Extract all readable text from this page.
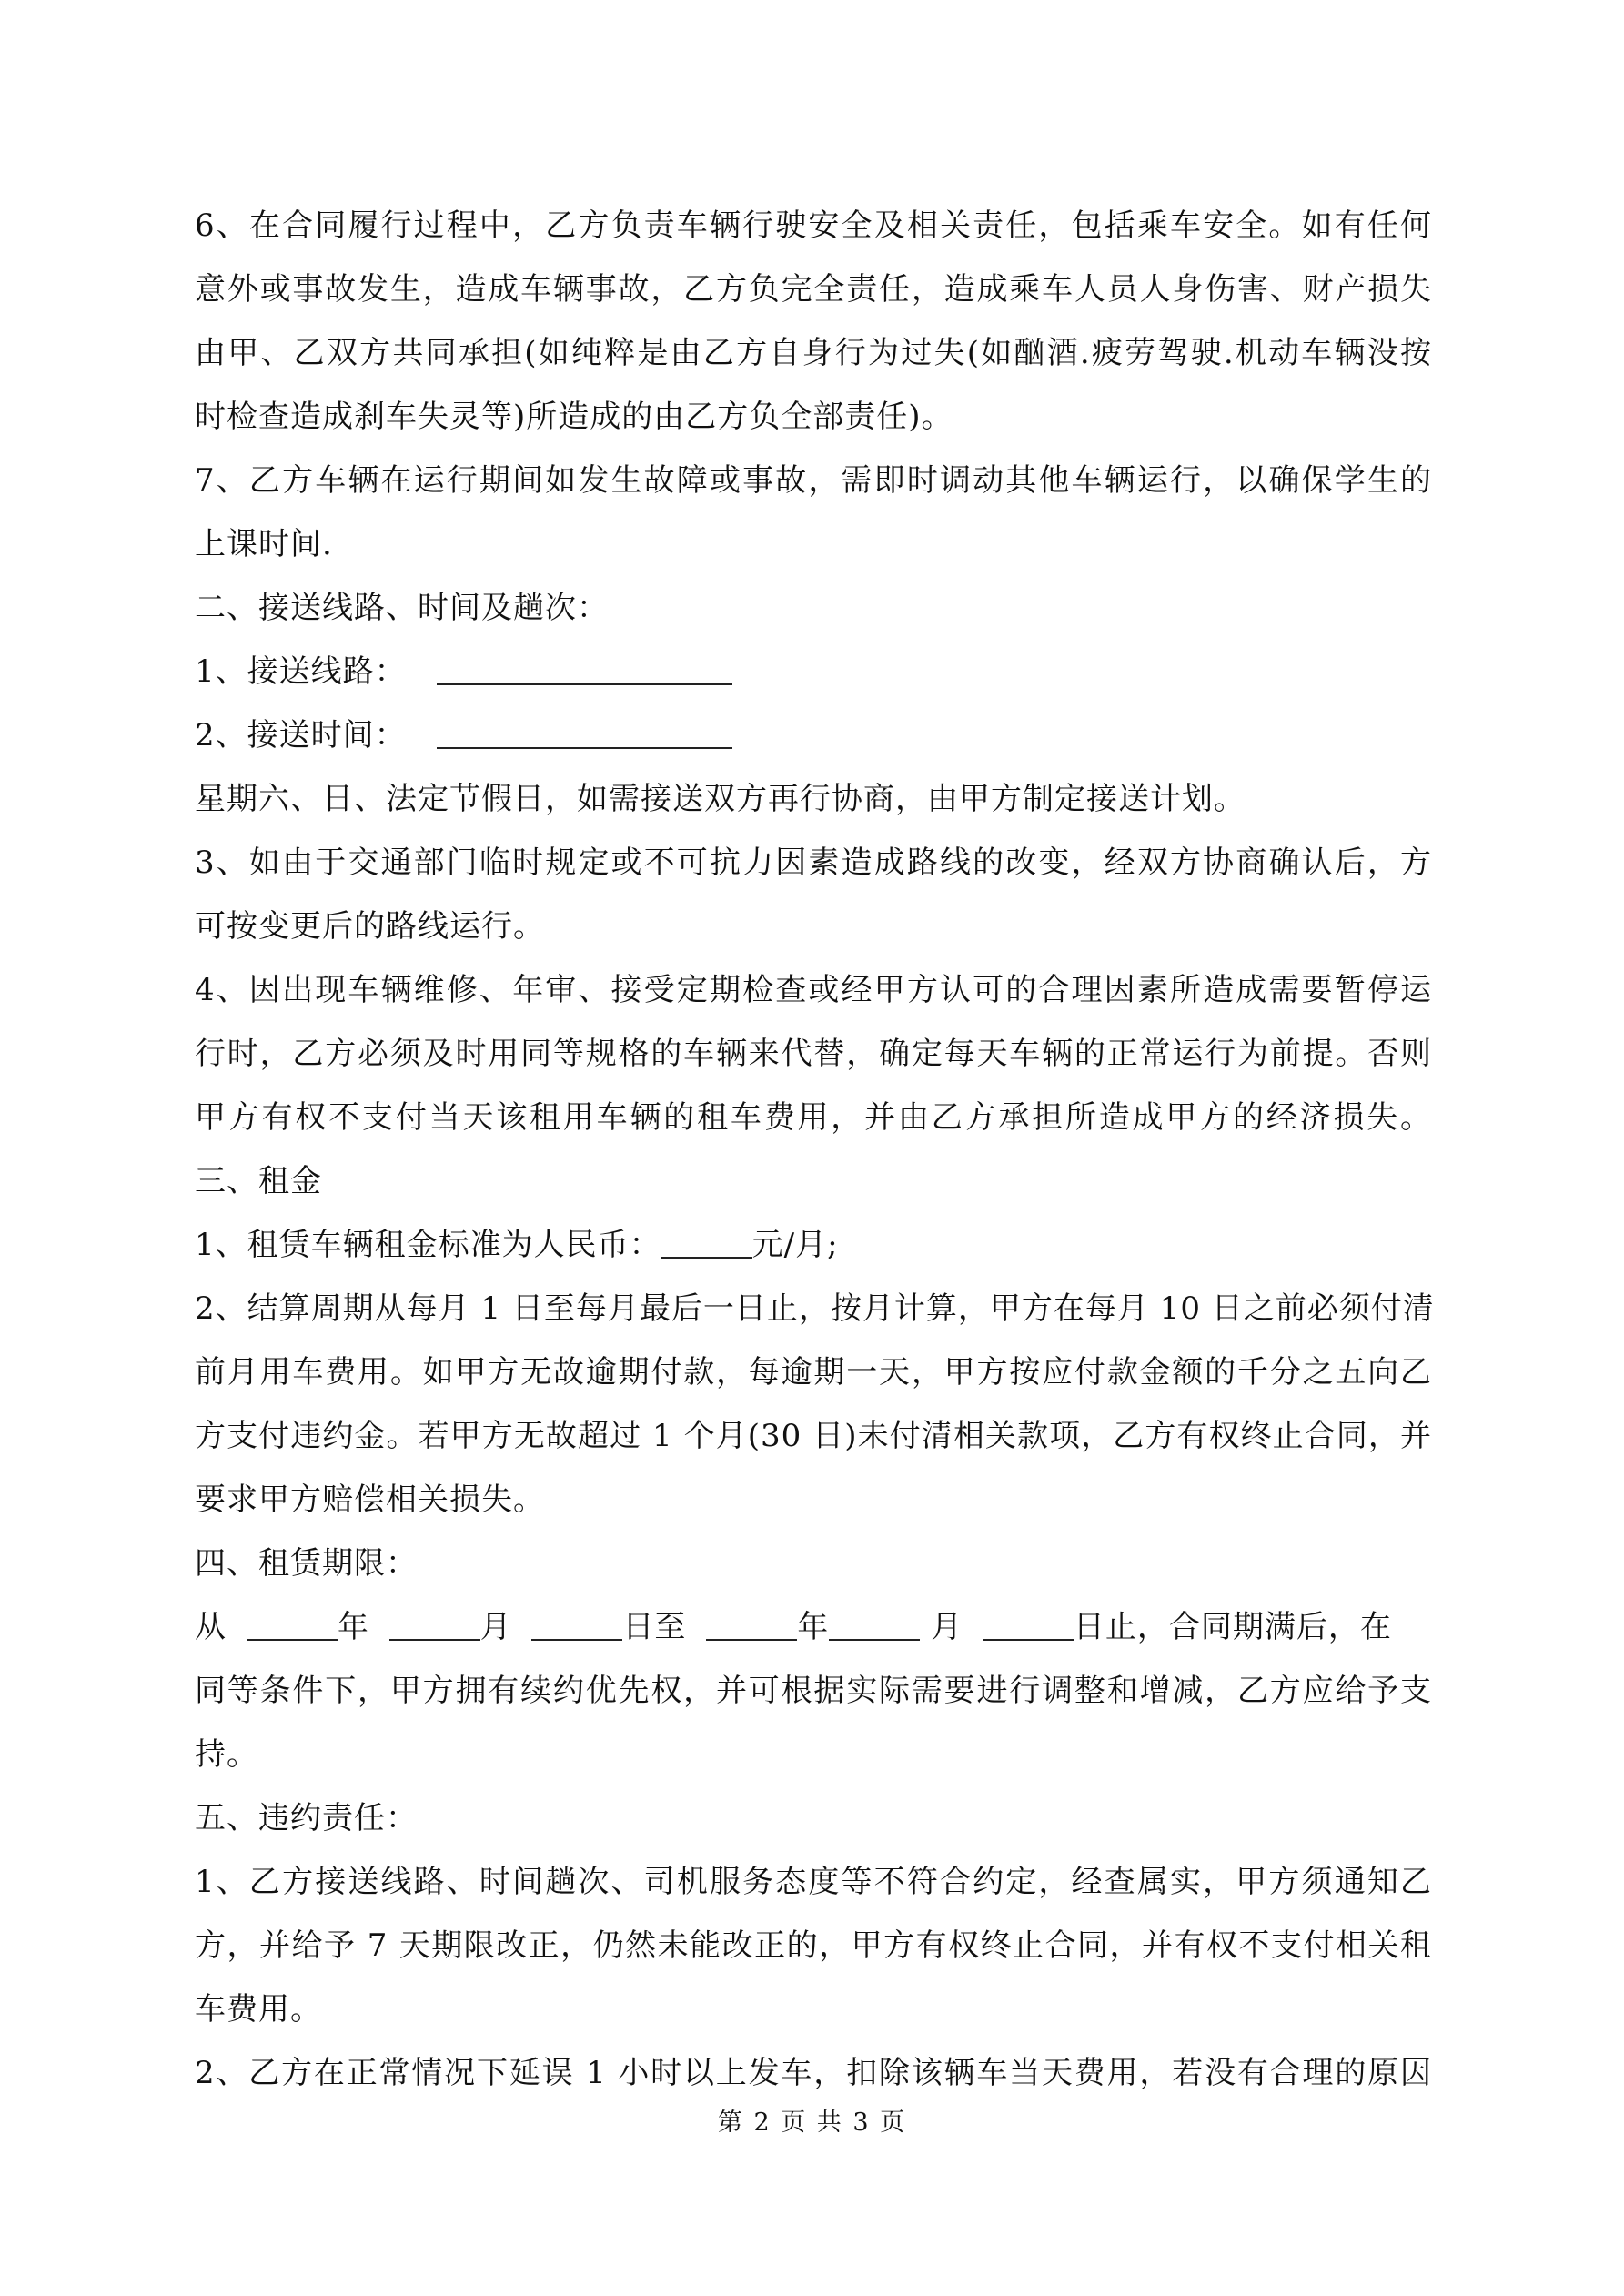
6、在合同履行过程中，乙方负责车辆行驶安全及相关责任，包括乘车安全。如有任何
意外或事故发生，造成车辆事故，乙方负完全责任，造成乘车人员人身伤害、财产损失
由甲、乙双方共同承担(如纯粹是由乙方自身行为过失(如酗酒.疲劳驾驶.机动车辆没按
时检查造成刹车失灵等)所造成的由乙方负全部责任)。
7、乙方车辆在运行期间如发生故障或事故，需即时调动其他车辆运行，以确保学生的
上课时间.
二、接送线路、时间及趟次：
1、接送线路：
2、接送时间：
星期六、日、法定节假日，如需接送双方再行协商，由甲方制定接送计划。
3、如由于交通部门临时规定或不可抗力因素造成路线的改变，经双方协商确认后，方
可按变更后的路线运行。
4、因出现车辆维修、年审、接受定期检查或经甲方认可的合理因素所造成需要暂停运
行时，乙方必须及时用同等规格的车辆来代替，确定每天车辆的正常运行为前提。否则
甲方有权不支付当天该租用车辆的租车费用，并由乙方承担所造成甲方的经济损失。
三、租金
1、租赁车辆租金标准为人民币：	元/月;
2、结算周期从每月 1 日至每月最后一日止，按月计算，甲方在每月 10 日之前必须付清
前月用车费用。如甲方无故逾期付款，每逾期一天，甲方按应付款金额的千分之五向乙
方支付违约金。若甲方无故超过 1 个月(30 日)未付清相关款项，乙方有权终止合同，并
要求甲方赔偿相关损失。
四、租赁期限：
从	年	月	日至	年	月	日止，合同期满后，在
同等条件下，甲方拥有续约优先权，并可根据实际需要进行调整和增减，乙方应给予支
持。
五、违约责任：
1、乙方接送线路、时间趟次、司机服务态度等不符合约定，经查属实，甲方须通知乙
方，并给予 7 天期限改正，仍然未能改正的，甲方有权终止合同，并有权不支付相关租
车费用。
2、乙方在正常情况下延误 1 小时以上发车，扣除该辆车当天费用，若没有合理的原因
第 2 页 共 3 页
